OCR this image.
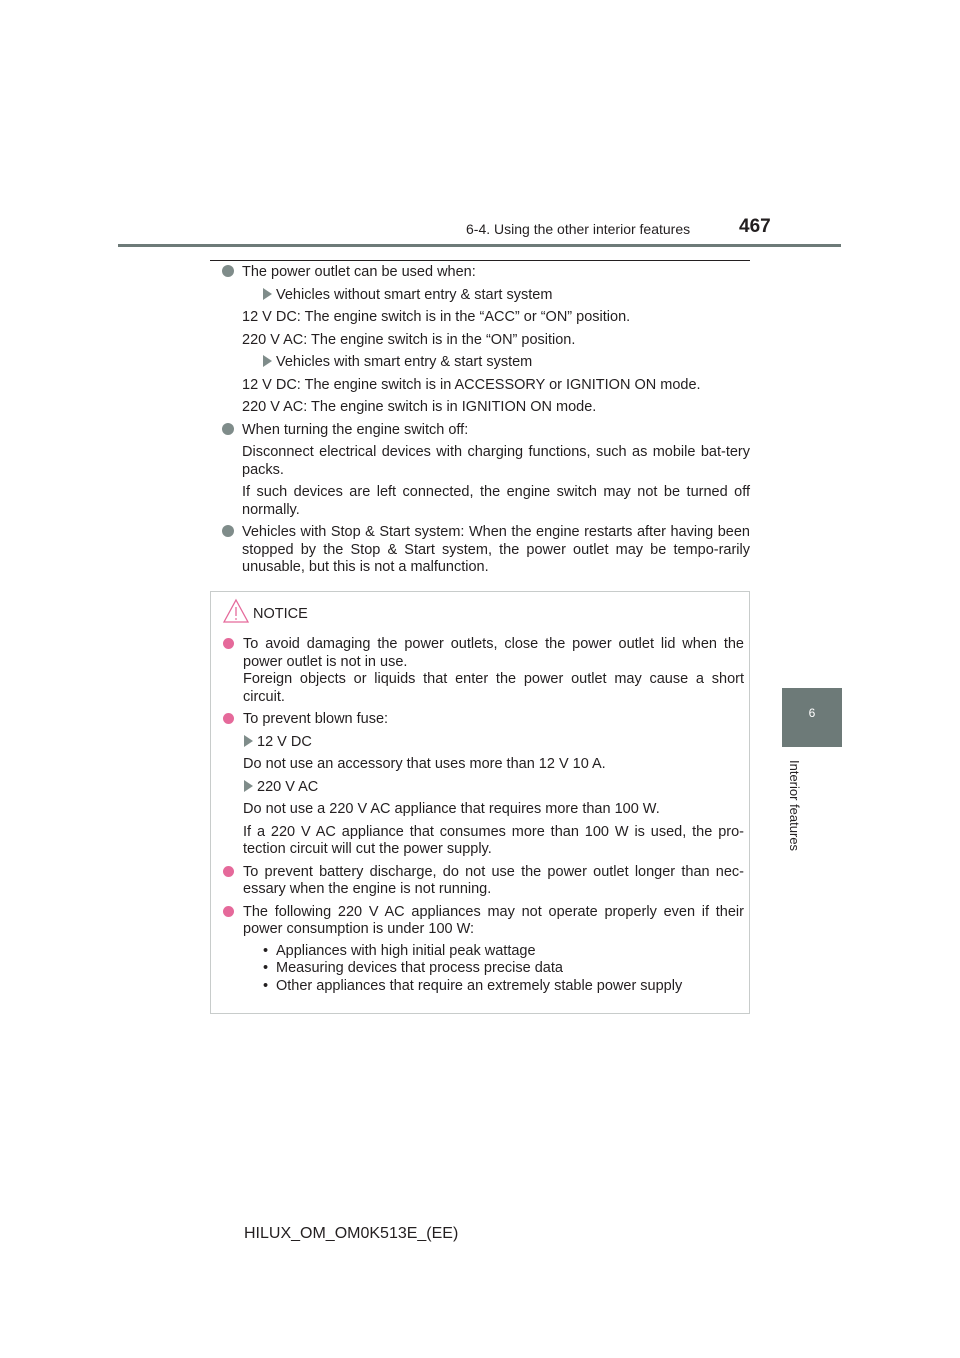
6-4. Using the other interior features	467
6
Interior features
The power outlet can be used when:
Vehicles without smart entry & start system
12 V DC: The engine switch is in the “ACC” or “ON” position.
220 V AC: The engine switch is in the “ON” position.
Vehicles with smart entry & start system
12 V DC: The engine switch is in ACCESSORY or IGNITION ON mode.
220 V AC: The engine switch is in IGNITION ON mode.
When turning the engine switch off:
Disconnect electrical devices with charging functions, such as mobile bat-tery packs.
If such devices are left connected, the engine switch may not be turned off normally.
Vehicles with Stop & Start system: When the engine restarts after having been stopped by the Stop & Start system, the power outlet may be tempo-rarily unusable, but this is not a malfunction.
NOTICE
To avoid damaging the power outlets, close the power outlet lid when the power outlet is not in use.
Foreign objects or liquids that enter the power outlet may cause a short circuit.
To prevent blown fuse:
12 V DC
Do not use an accessory that uses more than 12 V 10 A.
220 V AC
Do not use a 220 V AC appliance that requires more than 100 W.
If a 220 V AC appliance that consumes more than 100 W is used, the pro-tection circuit will cut the power supply.
To prevent battery discharge, do not use the power outlet longer than nec-essary when the engine is not running.
The following 220 V AC appliances may not operate properly even if their power consumption is under 100 W:
• Appliances with high initial peak wattage
• Measuring devices that process precise data
• Other appliances that require an extremely stable power supply
HILUX_OM_OM0K513E_(EE)
